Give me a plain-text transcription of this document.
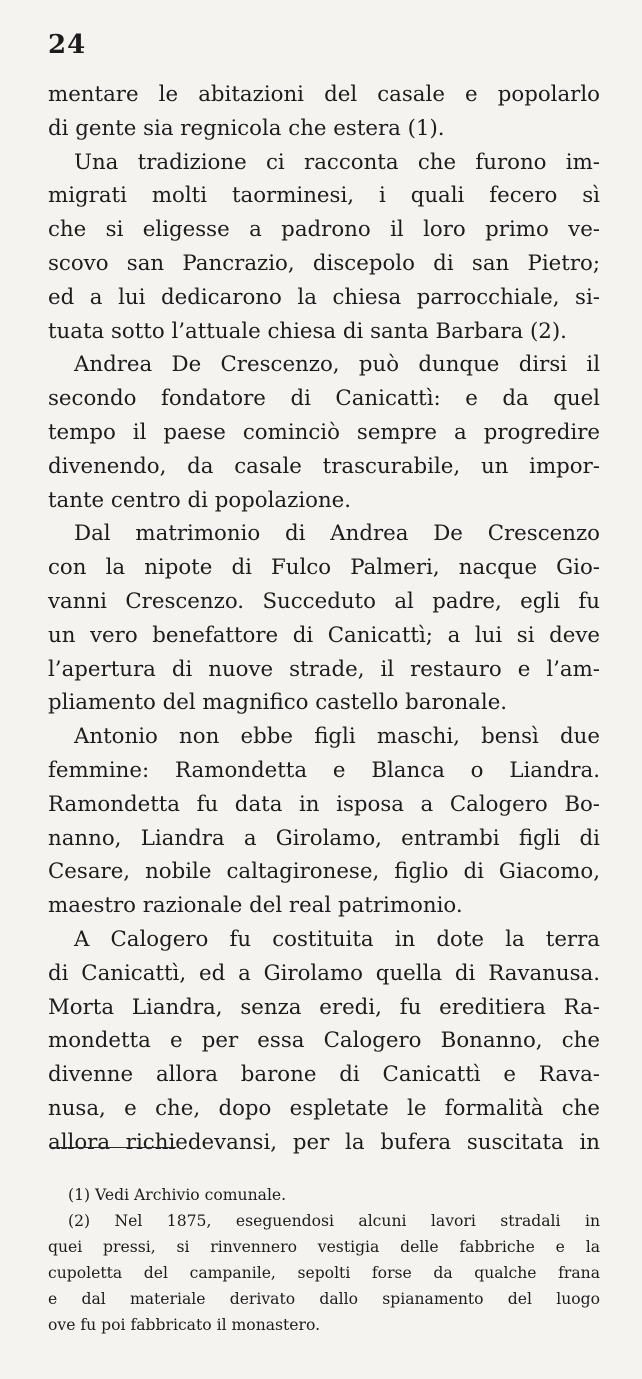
24
mentare le abitazioni del casale e popolarlo
di gente sia regnicola che estera (1).
Una tradizione ci racconta che furono im-
migrati molti taorminesi, i quali fecero sì
che si eligesse a padrono il loro primo ve-
scovo san Pancrazio, discepolo di san Pietro;
ed a lui dedicarono la chiesa parrocchiale, si-
tuata sotto l’attuale chiesa di santa Barbara (2).
Andrea De Crescenzo, può dunque dirsi il
secondo fondatore di Canicattì: e da quel
tempo il paese cominciò sempre a progredire
divenendo, da casale trascurabile, un impor-
tante centro di popolazione.
Dal matrimonio di Andrea De Crescenzo
con la nipote di Fulco Palmeri, nacque Gio-
vanni Crescenzo. Succeduto al padre, egli fu
un vero benefattore di Canicattì; a lui si deve
l’apertura di nuove strade, il restauro e l’am-
pliamento del magnifico castello baronale.
Antonio non ebbe figli maschi, bensì due
femmine: Ramondetta e Blanca o Liandra.
Ramondetta fu data in isposa a Calogero Bo-
nanno, Liandra a Girolamo, entrambi figli di
Cesare, nobile caltagironese, figlio di Giacomo,
maestro razionale del real patrimonio.
A Calogero fu costituita in dote la terra
di Canicattì, ed a Girolamo quella di Ravanusa.
Morta Liandra, senza eredi, fu ereditiera Ra-
mondetta e per essa Calogero Bonanno, che
divenne allora barone di Canicattì e Rava-
nusa, e che, dopo espletate le formalità che
allora richiedevansi, per la bufera suscitata in
(1) Vedi Archivio comunale.
(2) Nel 1875, eseguendosi alcuni lavori stradali in
quei pressi, si rinvennero vestigia delle fabbriche e la
cupoletta del campanile, sepolti forse da qualche frana
e dal materiale derivato dallo spianamento del luogo
ove fu poi fabbricato il monastero.
